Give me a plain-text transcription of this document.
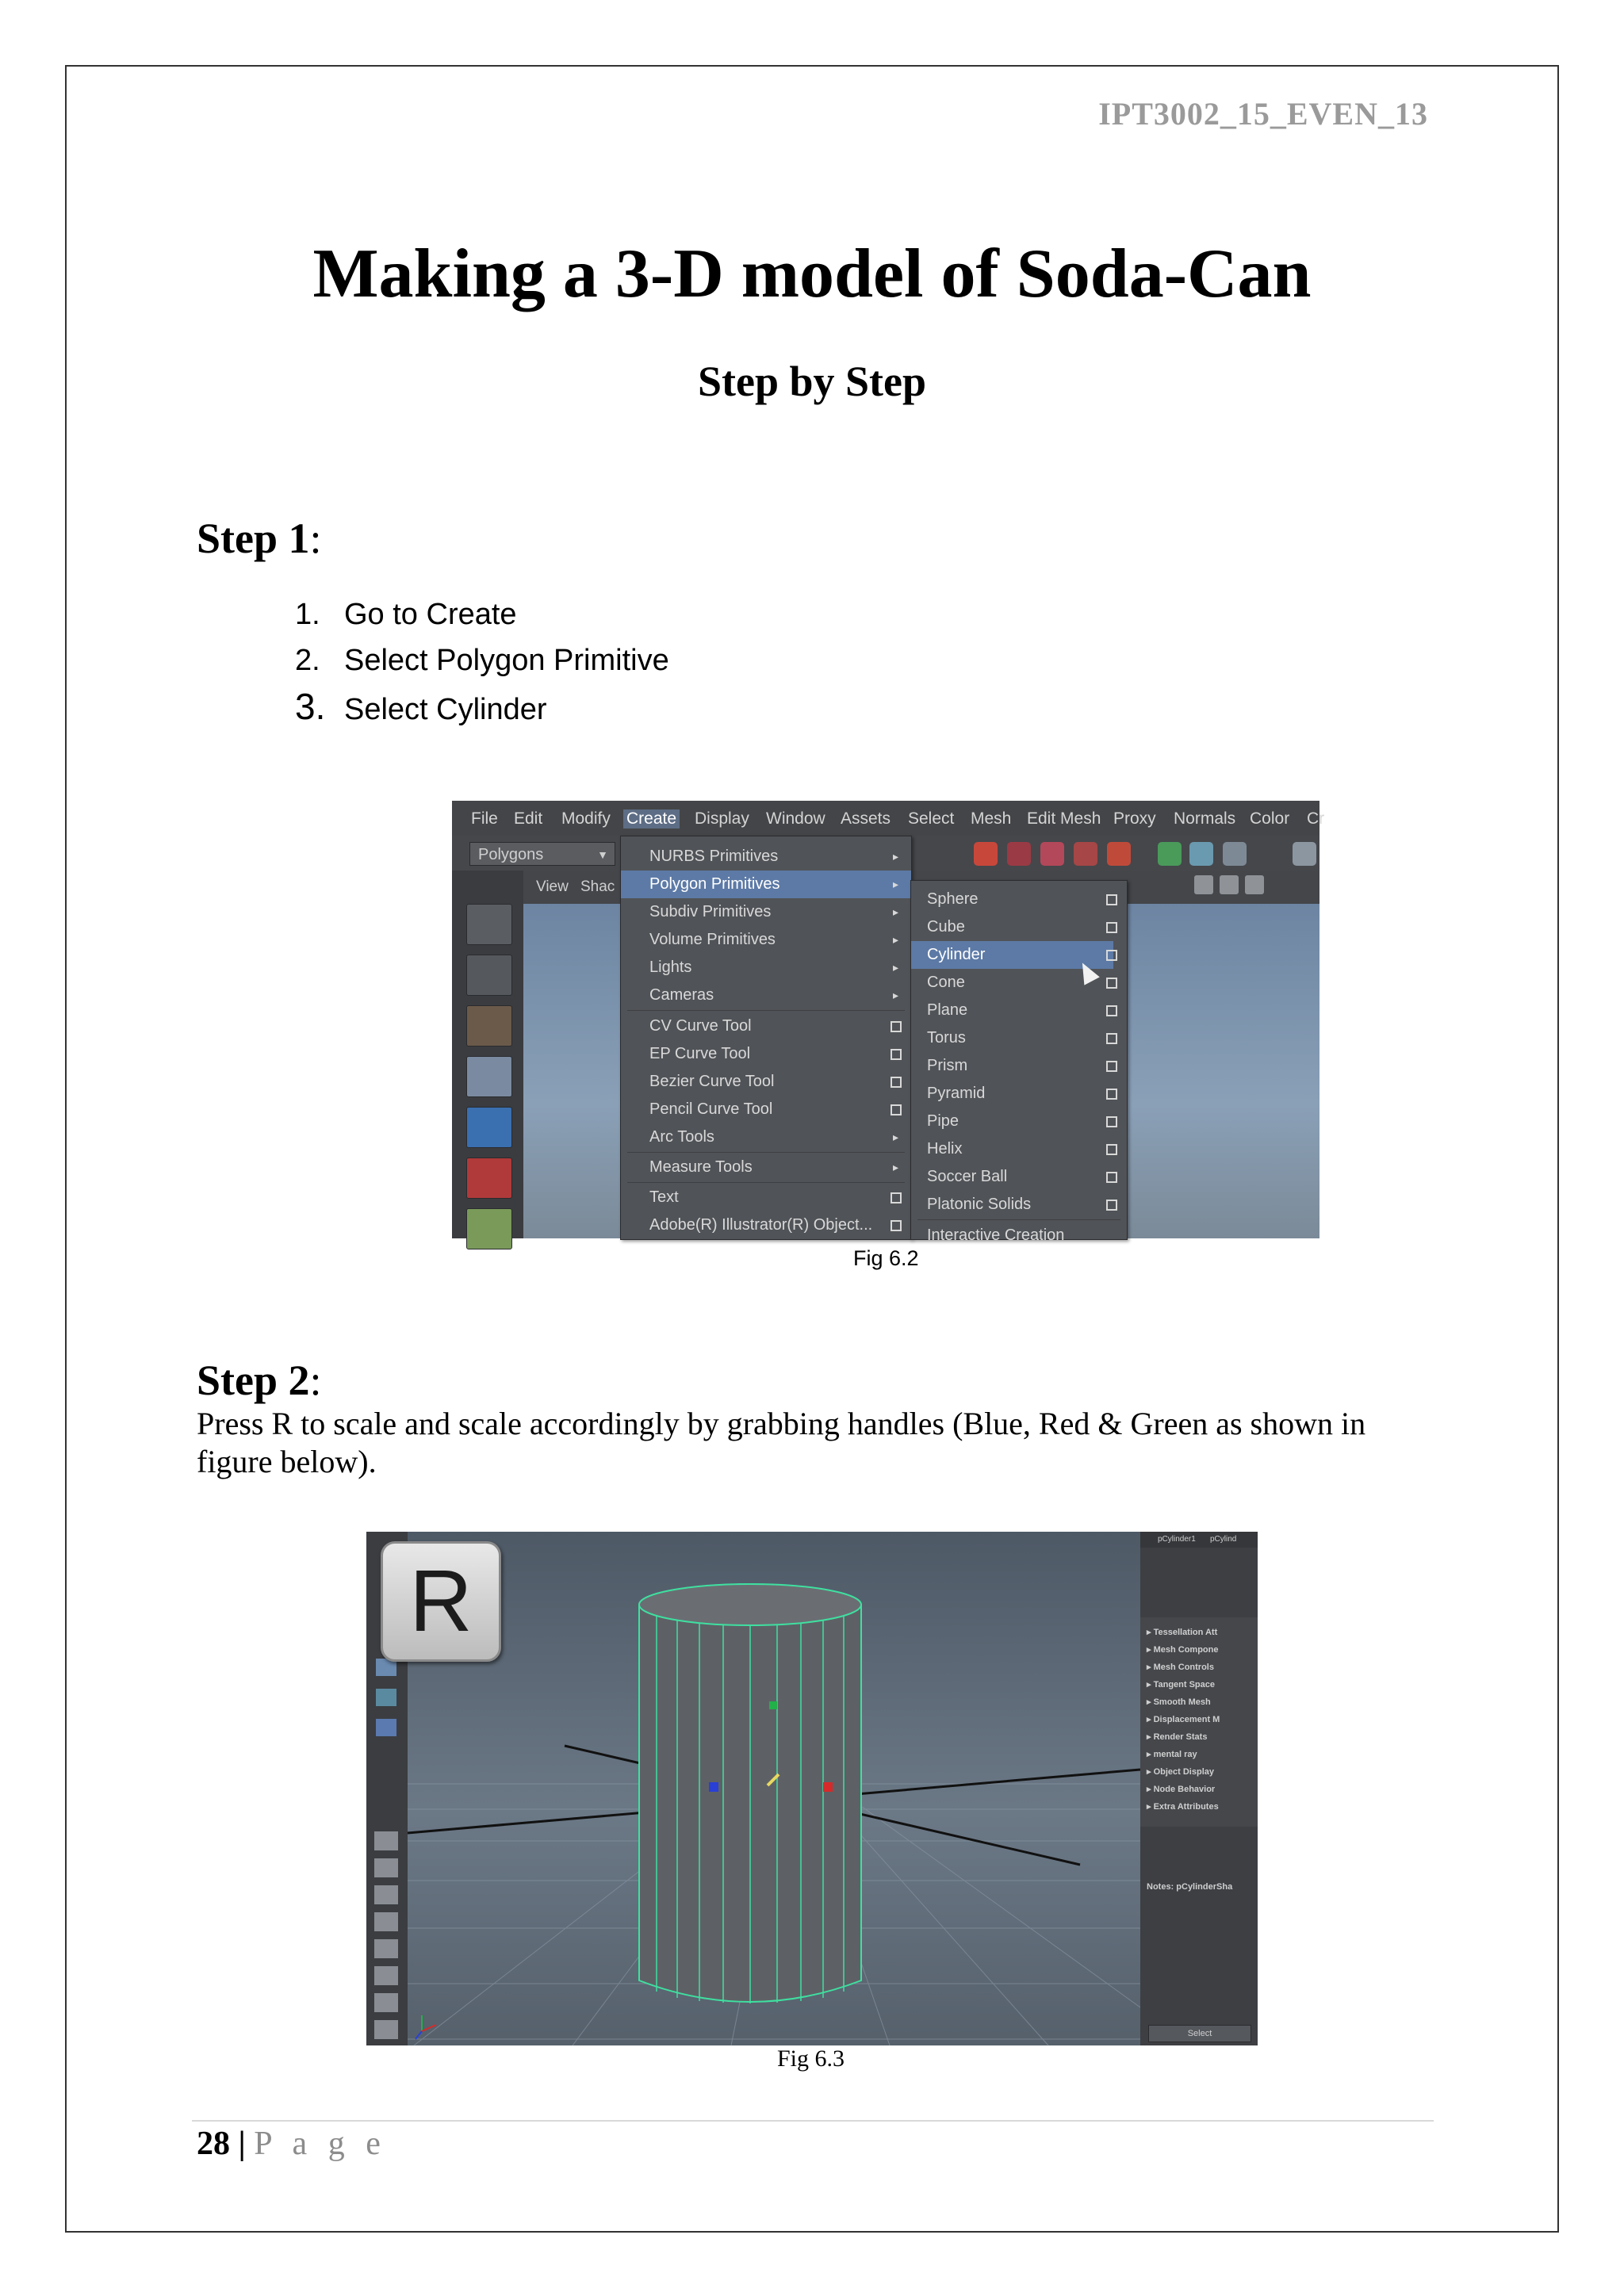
IPT3002_15_EVEN_13
Making a 3-D model of Soda-Can
Step by Step
Step 1:
1. Go to Create
2. Select Polygon Primitive
3. Select Cylinder
File Edit Modify Create Display Window Assets Select Mesh Edit Mesh Proxy Normals Color Cr
Polygons	▼
View Shac
NURBS Primitives	▸
Polygon Primitives	▸
Subdiv Primitives	▸
Volume Primitives	▸
Lights	▸
Cameras	▸
CV Curve Tool
EP Curve Tool
Bezier Curve Tool
Pencil Curve Tool
Arc Tools	▸
Measure Tools	▸
Text
Adobe(R) Illustrator(R) Object...
Sphere
Cube
Cylinder
Cone
Plane
Torus
Prism
Pyramid
Pipe
Helix
Soccer Ball
Platonic Solids
Interactive Creation
Fig 6.2
Step 2:
Press R to scale and scale accordingly by grabbing handles (Blue, Red & Green as shown in figure below).
pCylinder1 pCylind
▸ Tessellation Att
▸ Mesh Compone
▸ Mesh Controls
▸ Tangent Space
▸ Smooth Mesh
▸ Displacement M
▸ Render Stats
▸ mental ray
▸ Object Display
▸ Node Behavior
▸ Extra Attributes
Notes: pCylinderSha
Select
R
Fig 6.3
28 | P a g e
